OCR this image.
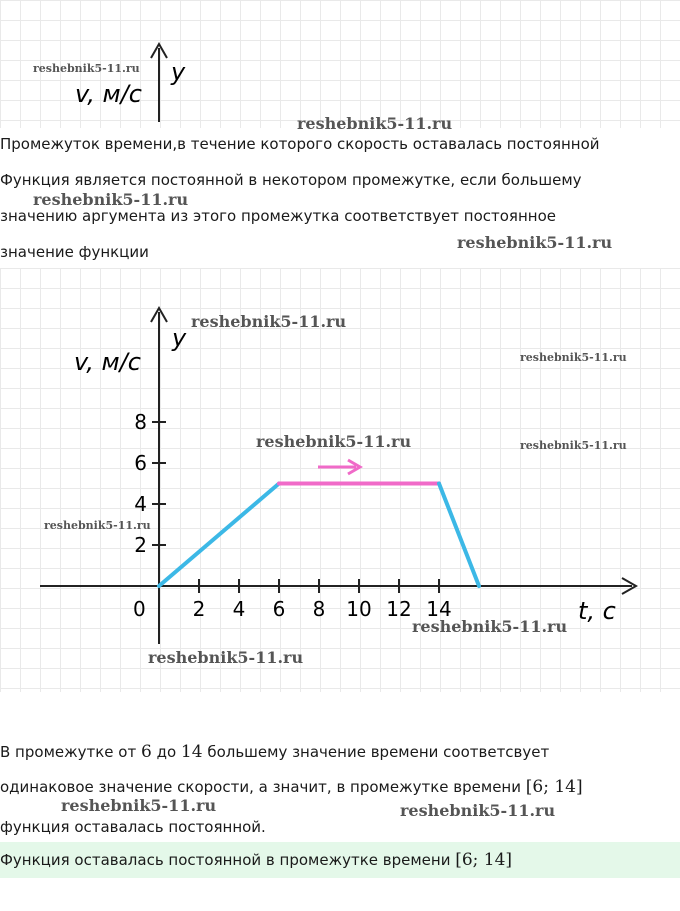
y
v, м/с
reshebnik5-11.ru
reshebnik5-11.ru
Промежуток времени,в течение которого скорость оставалась постоянной
Функция является постоянной в некотором промежутке, если большему
reshebnik5-11.ru
значению аргумента из этого промежутка соответствует постоянное
значение функции	reshebnik5-11.ru
2 4 6 8 10 12 14
2
4
6
8
y
v, м/с
t, с
0
reshebnik5-11.ru
reshebnik5-11.ru
reshebnik5-11.ru	reshebnik5-11.ru
reshebnik5-11.ru
reshebnik5-11.ru
reshebnik5-11.ru
В промежутке от 6 до 14 большему значение времени соответсвует
одинаковое значение скорости, а значит, в промежутке времени [6; 14]
reshebnik5-11.ru	reshebnik5-11.ru
функция оставалась постоянной.
Функция оставалась постоянной в промежутке времени [6; 14]
